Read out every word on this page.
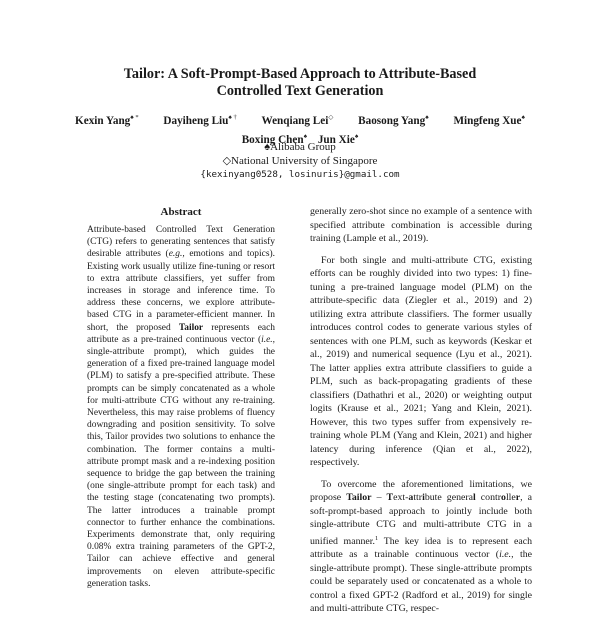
Tailor: A Soft-Prompt-Based Approach to Attribute-Based
Controlled Text Generation
Kexin Yang♠ * Dayiheng Liu♠ † Wenqiang Lei◇ Baosong Yang♠ Mingfeng Xue♠
Boxing Chen♠ Jun Xie♠
♠Alibaba Group
◇National University of Singapore
{kexinyang0528, losinuris}@gmail.com
Abstract
Attribute-based Controlled Text Generation (CTG) refers to generating sentences that satisfy desirable attributes (e.g., emotions and topics). Existing work usually utilize fine-tuning or resort to extra attribute classifiers, yet suffer from increases in storage and inference time. To address these concerns, we explore attribute-based CTG in a parameter-efficient manner. In short, the proposed Tailor represents each attribute as a pre-trained continuous vector (i.e., single-attribute prompt), which guides the generation of a fixed pre-trained language model (PLM) to satisfy a pre-specified attribute. These prompts can be simply concatenated as a whole for multi-attribute CTG without any re-training. Nevertheless, this may raise problems of fluency downgrading and position sensitivity. To solve this, Tailor provides two solutions to enhance the combination. The former contains a multi-attribute prompt mask and a re-indexing position sequence to bridge the gap between the training (one single-attribute prompt for each task) and the testing stage (concatenating two prompts). The latter introduces a trainable prompt connector to further enhance the combinations. Experiments demonstrate that, only requiring 0.08% extra training parameters of the GPT-2, Tailor can achieve effective and general improvements on eleven attribute-specific generation tasks.

generally zero-shot since no example of a sentence with specified attribute combination is accessible during training (Lample et al., 2019).

For both single and multi-attribute CTG, existing efforts can be roughly divided into two types: 1) fine-tuning a pre-trained language model (PLM) on the attribute-specific data (Ziegler et al., 2019) and 2) utilizing extra attribute classifiers. The former usually introduces control codes to generate various styles of sentences with one PLM, such as keywords (Keskar et al., 2019) and numerical sequence (Lyu et al., 2021). The latter applies extra attribute classifiers to guide a PLM, such as back-propagating gradients of these classifiers (Dathathri et al., 2020) or weighting output logits (Krause et al., 2021; Yang and Klein, 2021). However, this two types suffer from expensively re-training whole PLM (Yang and Klein, 2021) and higher latency during inference (Qian et al., 2022), respectively.

To overcome the aforementioned limitations, we propose Tailor – Text-attribute general controller, a soft-prompt-based approach to jointly include both single-attribute CTG and multi-attribute CTG in a unified manner.$^1$ The key idea is to represent each attribute as a trainable continuous vector (i.e., the single-attribute prompt). These single-attribute prompts could be separately used or concatenated as a whole to control a fixed GPT-2 (Radford et al., 2019) for single and multi-attribute CTG, respec-
